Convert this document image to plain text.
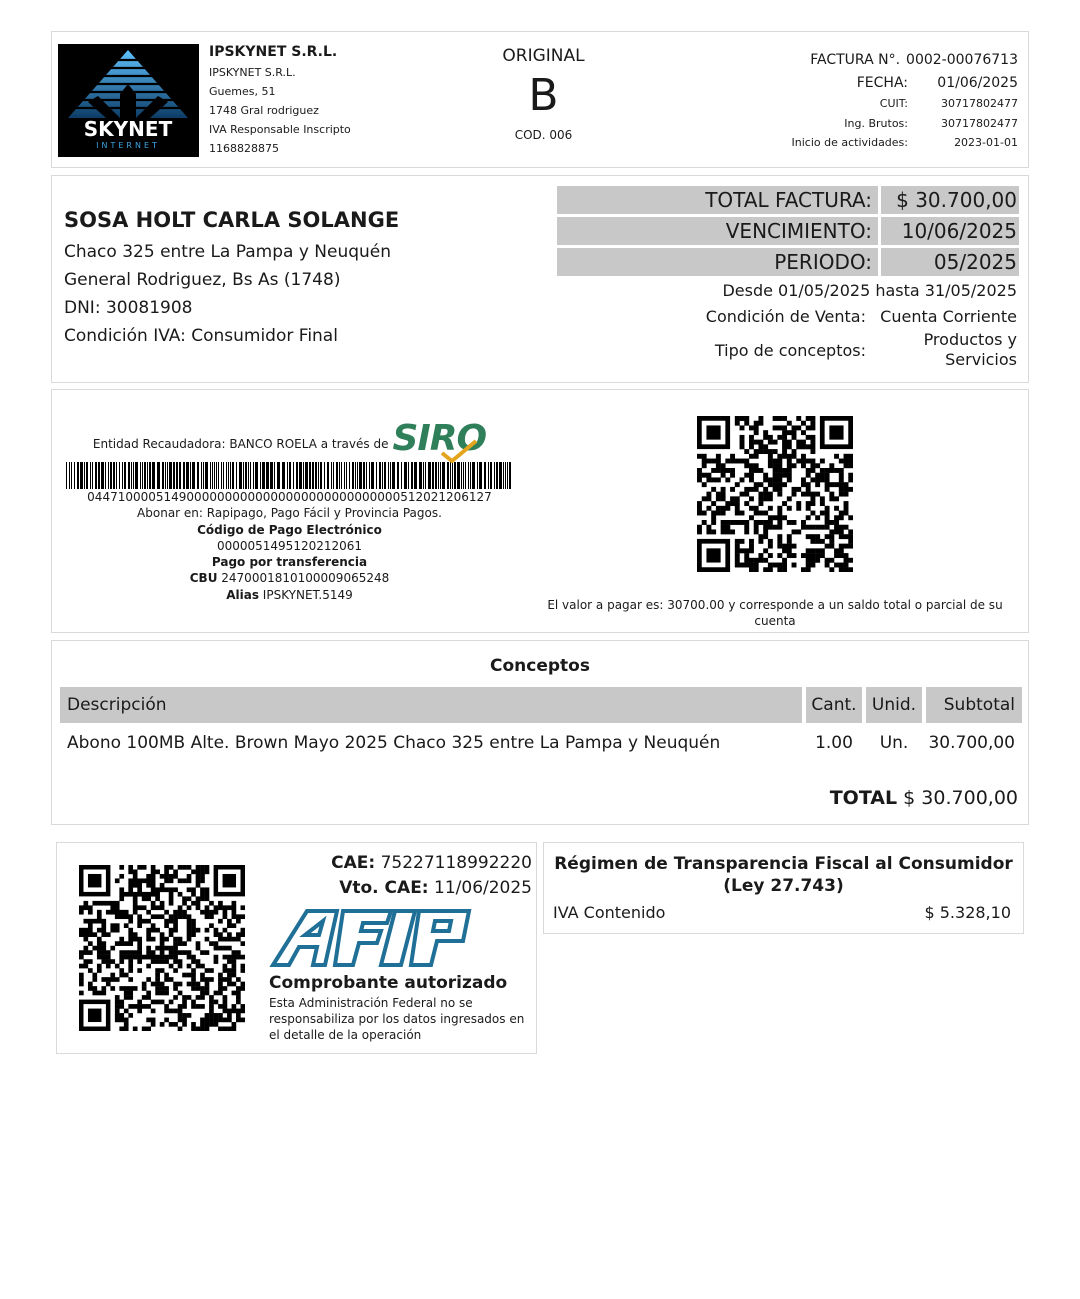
SKYNET
INTERNET
IPSKYNET S.R.L.
IPSKYNET S.R.L.
Guemes, 51
1748 Gral rodriguez
IVA Responsable Inscripto
1168828875
ORIGINAL
B
COD. 006
FACTURA N°. 0002-00076713
FECHA:	01/06/2025
CUIT:	30717802477
Ing. Brutos:	30717802477
Inicio de actividades:	2023-01-01
SOSA HOLT CARLA SOLANGE
Chaco 325 entre La Pampa y Neuquén
General Rodriguez, Bs As (1748)
DNI: 30081908
Condición IVA: Consumidor Final
TOTAL FACTURA:	$ 30.700,00
VENCIMIENTO:	10/06/2025
PERIODO:	05/2025
Desde 01/05/2025 hasta 31/05/2025
Condición de Venta: Cuenta Corriente
Tipo de conceptos:
Productos y
Servicios
Entidad Recaudadora: BANCO ROELA a través de SIRO
04471000051490000000000000000000000000000512021206127
Abonar en: Rapipago, Pago Fácil y Provincia Pagos.
Código de Pago Electrónico
0000051495120212061
Pago por transferencia
CBU 2470001810100009065248
Alias IPSKYNET.5149
El valor a pagar es: 30700.00 y corresponde a un saldo total o parcial de su
cuenta
Conceptos
Descripción	Cant. Unid.	Subtotal
Abono 100MB Alte. Brown Mayo 2025 Chaco 325 entre La Pampa y Neuquén	1.00	Un.	30.700,00
TOTAL $ 30.700,00
CAE: 75227118992220
Vto. CAE: 11/06/2025
AFIP
Comprobante autorizado
Esta Administración Federal no se responsabiliza por los datos ingresados en el detalle de la operación
Régimen de Transparencia Fiscal al Consumidor (Ley 27.743)
IVA Contenido	$ 5.328,10
